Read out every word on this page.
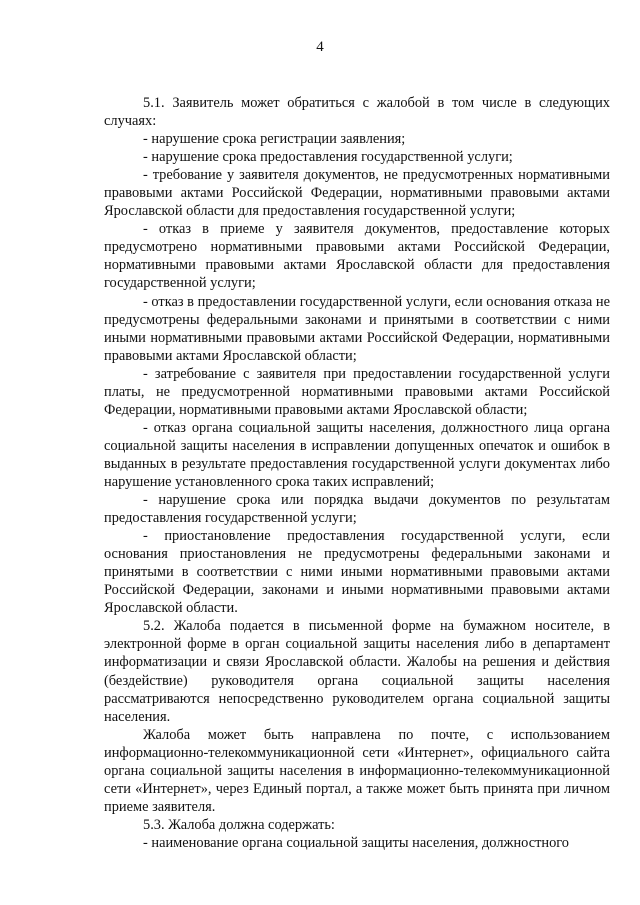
4

5.1. Заявитель может обратиться с жалобой в том числе в следующих случаях:

- нарушение срока регистрации заявления;

- нарушение срока предоставления государственной услуги;

- требование у заявителя документов, не предусмотренных нормативными правовыми актами Российской Федерации, нормативными правовыми актами Ярославской области для предоставления государственной услуги;

- отказ в приеме у заявителя документов, предоставление которых предусмотрено нормативными правовыми актами Российской Федерации, нормативными правовыми актами Ярославской области для предоставления государственной услуги;

- отказ в предоставлении государственной услуги, если основания отказа не предусмотрены федеральными законами и принятыми в соответствии с ними иными нормативными правовыми актами Российской Федерации, нормативными правовыми актами Ярославской области;

- затребование с заявителя при предоставлении государственной услуги платы, не предусмотренной нормативными правовыми актами Российской Федерации, нормативными правовыми актами Ярославской области;

- отказ органа социальной защиты населения, должностного лица органа социальной защиты населения в исправлении допущенных опечаток и ошибок в выданных в результате предоставления государственной услуги документах либо нарушение установленного срока таких исправлений;

- нарушение срока или порядка выдачи документов по результатам предоставления государственной услуги;

- приостановление предоставления государственной услуги, если основания приостановления не предусмотрены федеральными законами и принятыми в соответствии с ними иными нормативными правовыми актами Российской Федерации, законами и иными нормативными правовыми актами Ярославской области.

5.2. Жалоба подается в письменной форме на бумажном носителе, в электронной форме в орган социальной защиты населения либо в департамент информатизации и связи Ярославской области. Жалобы на решения и действия (бездействие) руководителя органа социальной защиты населения рассматриваются непосредственно руководителем органа социальной защиты населения.

Жалоба может быть направлена по почте, с использованием информационно-телекоммуникационной сети «Интернет», официального сайта органа социальной защиты населения в информационно-телекоммуникационной сети «Интернет», через Единый портал, а также может быть принята при личном приеме заявителя.

5.3. Жалоба должна содержать:

- наименование органа социальной защиты населения, должностного
